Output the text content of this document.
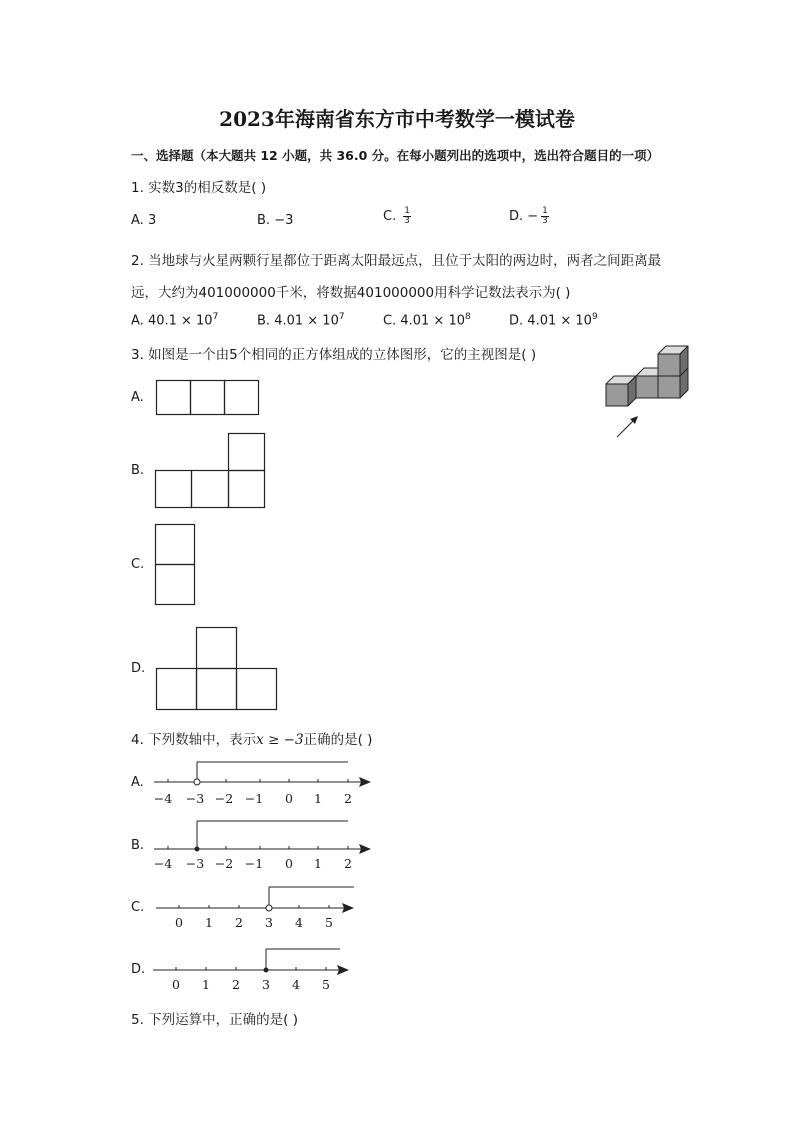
2023年海南省东方市中考数学一模试卷
一、选择题（本大题共 12 小题，共 36.0 分。在每小题列出的选项中，选出符合题目的一项）
1. 实数3的相反数是( )
A. 3	B. −3	C. $\frac{1}{3}$	D. − $\frac{1}{3}$
2. 当地球与火星两颗行星都位于距离太阳最远点，且位于太阳的两边时，两者之间距离最
远，大约为401000000千米，将数据401000000用科学记数法表示为( )
A. $40.1 \times 10^7$	B. $4.01 \times 10^7$	C. $4.01 \times 10^8$	D. $4.01 \times 10^9$
3. 如图是一个由5个相同的正方体组成的立体图形，它的主视图是( )
A.
B.
C.
D.
4. 下列数轴中，表示x ≥ −3正确的是( )
A.
−4 −3 −2 −1 0 1 2
B.
−4 −3 −2 −1 0 1 2
C.
0 1 2 3 4 5
D.
0 1 2 3 4 5
5. 下列运算中，正确的是( )
